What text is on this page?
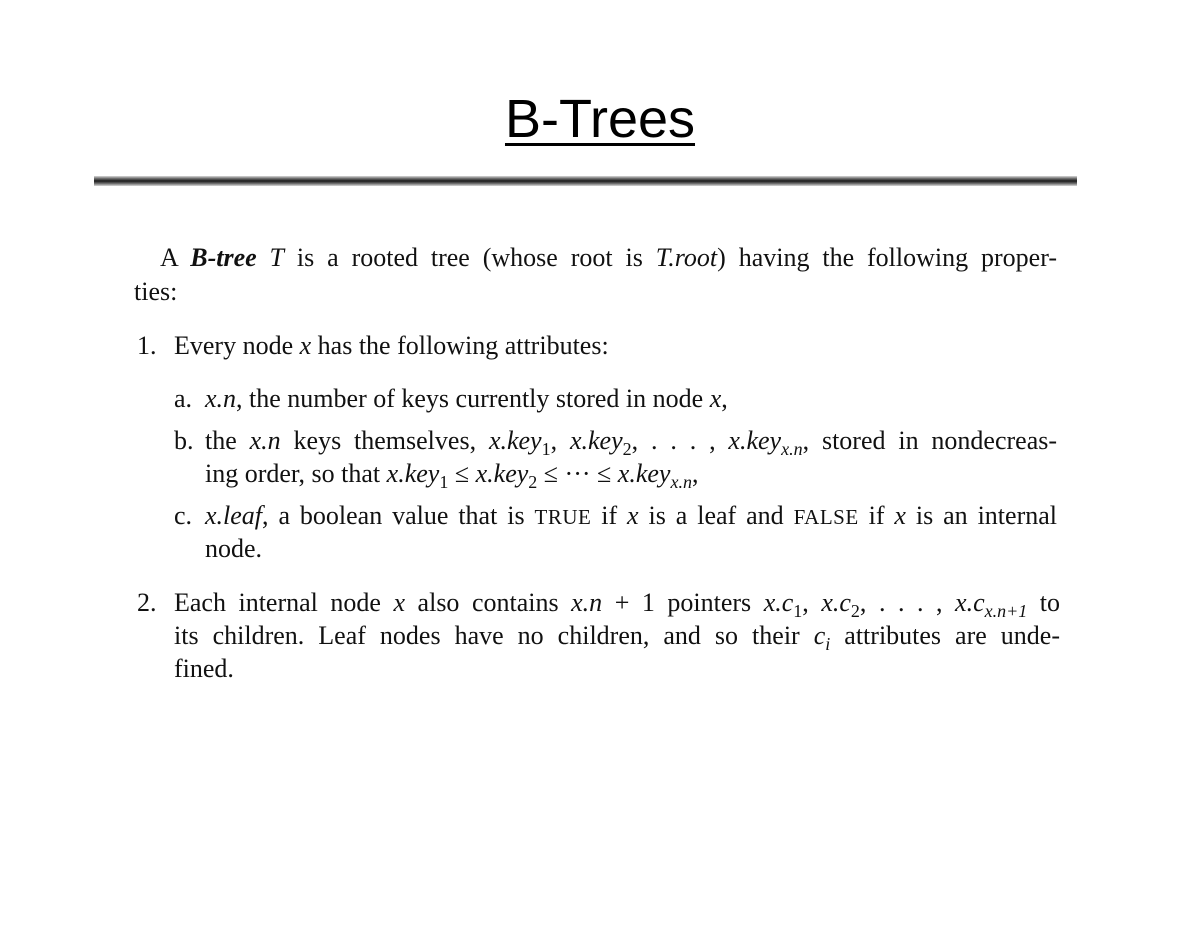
B-Trees
A B-tree T is a rooted tree (whose root is T.root) having the following proper-
ties:
1. Every node x has the following attributes:
a. x.n, the number of keys currently stored in node x,
b. the x.n keys themselves, x.key$_1$, x.key$_2$, . . . , x.key$_{x.n}$, stored in nondecreas-
ing order, so that x.key$_1$ ≤ x.key$_2$ ≤ ··· ≤ x.key$_{x.n}$,
c. x.leaf, a boolean value that is TRUE if x is a leaf and FALSE if x is an internal
node.
2. Each internal node x also contains x.n + 1 pointers $x.c_1$, $x.c_2$, . . . , $x.c_{x.n+1}$ to
its children. Leaf nodes have no children, and so their $c_i$ attributes are unde-
fined.
